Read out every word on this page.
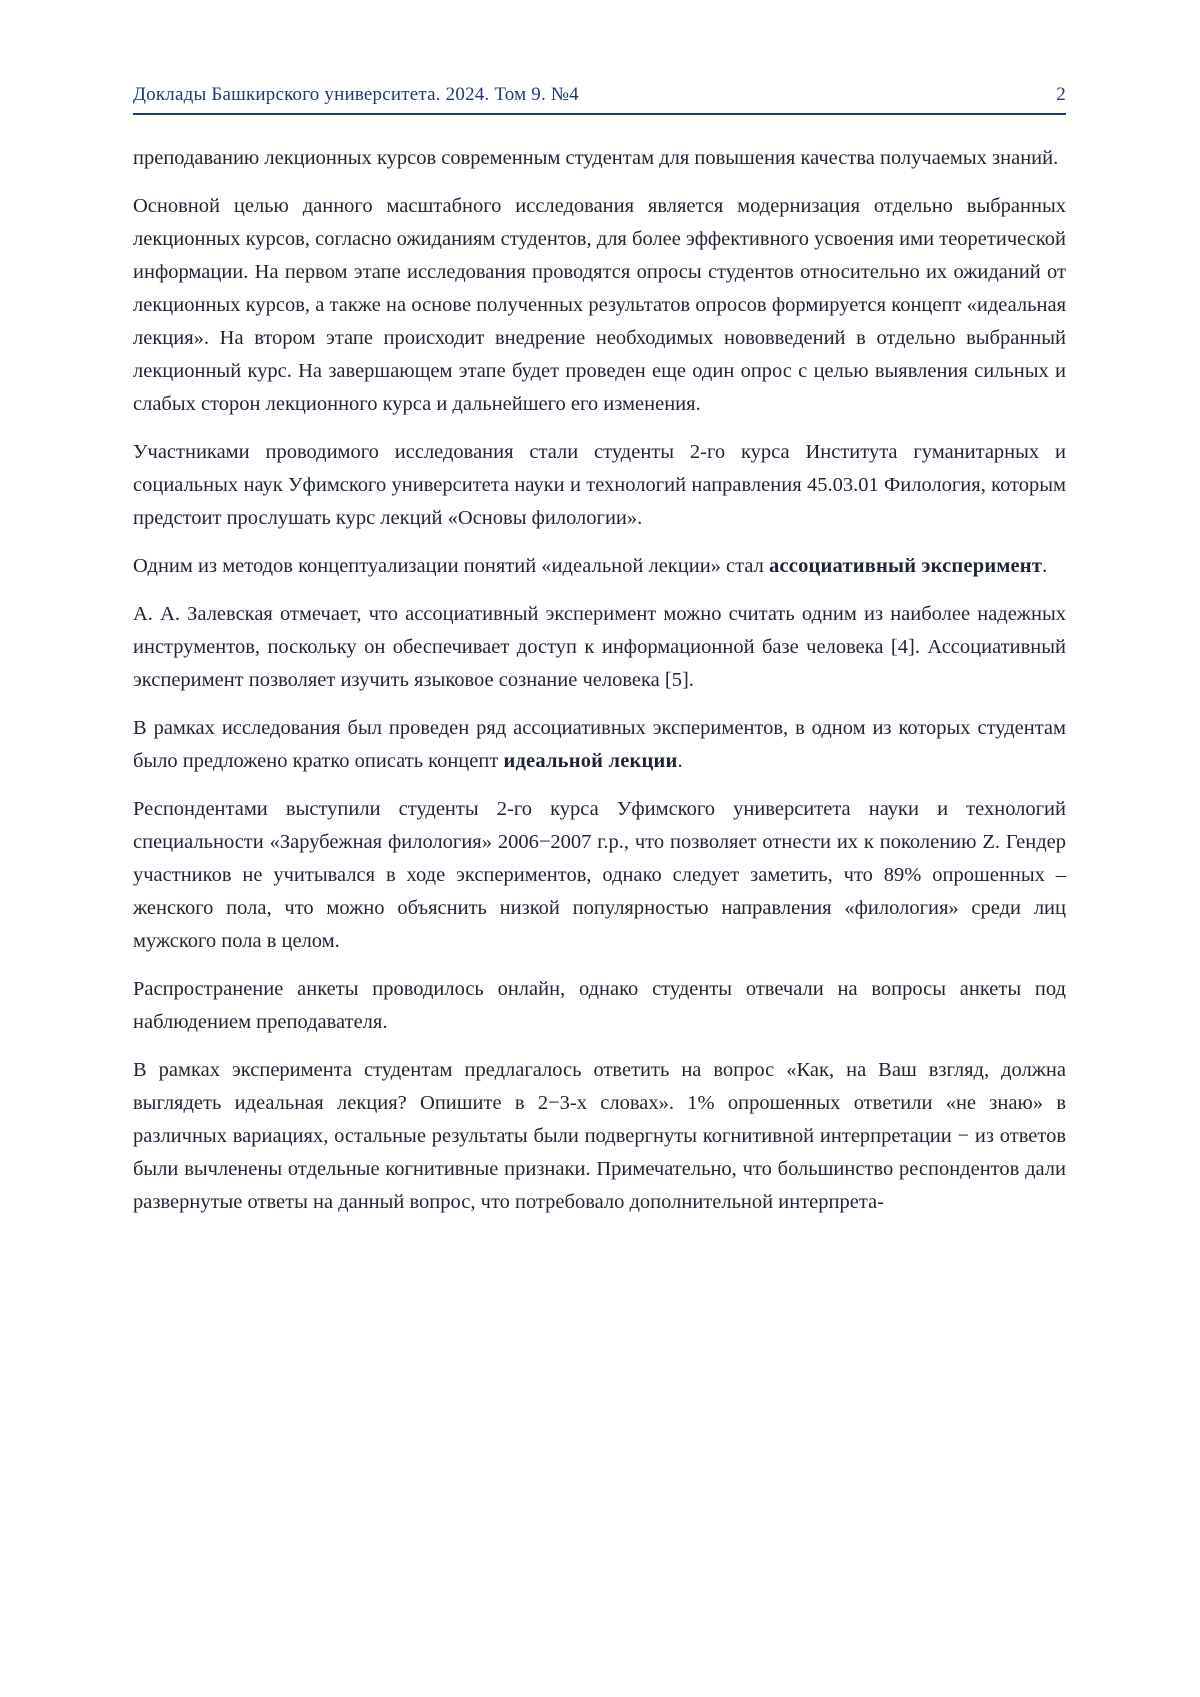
Доклады Башкирского университета. 2024. Том 9. №4	2

преподаванию лекционных курсов современным студентам для повышения качества получаемых знаний.

Основной целью данного масштабного исследования является модернизация отдельно выбранных лекционных курсов, согласно ожиданиям студентов, для более эффективного усвоения ими теоретической информации. На первом этапе исследования проводятся опросы студентов относительно их ожиданий от лекционных курсов, а также на основе полученных результатов опросов формируется концепт «идеальная лекция». На втором этапе происходит внедрение необходимых нововведений в отдельно выбранный лекционный курс. На завершающем этапе будет проведен еще один опрос с целью выявления сильных и слабых сторон лекционного курса и дальнейшего его изменения.

Участниками проводимого исследования стали студенты 2-го курса Института гуманитарных и социальных наук Уфимского университета науки и технологий направления 45.03.01 Филология, которым предстоит прослушать курс лекций «Основы филологии».

Одним из методов концептуализации понятий «идеальной лекции» стал ассоциативный эксперимент.

А. А. Залевская отмечает, что ассоциативный эксперимент можно считать одним из наиболее надежных инструментов, поскольку он обеспечивает доступ к информационной базе человека [4]. Ассоциативный эксперимент позволяет изучить языковое сознание человека [5].

В рамках исследования был проведен ряд ассоциативных экспериментов, в одном из которых студентам было предложено кратко описать концепт идеальной лекции.

Респондентами выступили студенты 2-го курса Уфимского университета науки и технологий специальности «Зарубежная филология» 2006−2007 г.р., что позволяет отнести их к поколению Z. Гендер участников не учитывался в ходе экспериментов, однако следует заметить, что 89% опрошенных – женского пола, что можно объяснить низкой популярностью направления «филология» среди лиц мужского пола в целом.

Распространение анкеты проводилось онлайн, однако студенты отвечали на вопросы анкеты под наблюдением преподавателя.

В рамках эксперимента студентам предлагалось ответить на вопрос «Как, на Ваш взгляд, должна выглядеть идеальная лекция? Опишите в 2−3-х словах». 1% опрошенных ответили «не знаю» в различных вариациях, остальные результаты были подвергнуты когнитивной интерпретации − из ответов были вычленены отдельные когнитивные признаки. Примечательно, что большинство респондентов дали развернутые ответы на данный вопрос, что потребовало дополнительной интерпрета-
